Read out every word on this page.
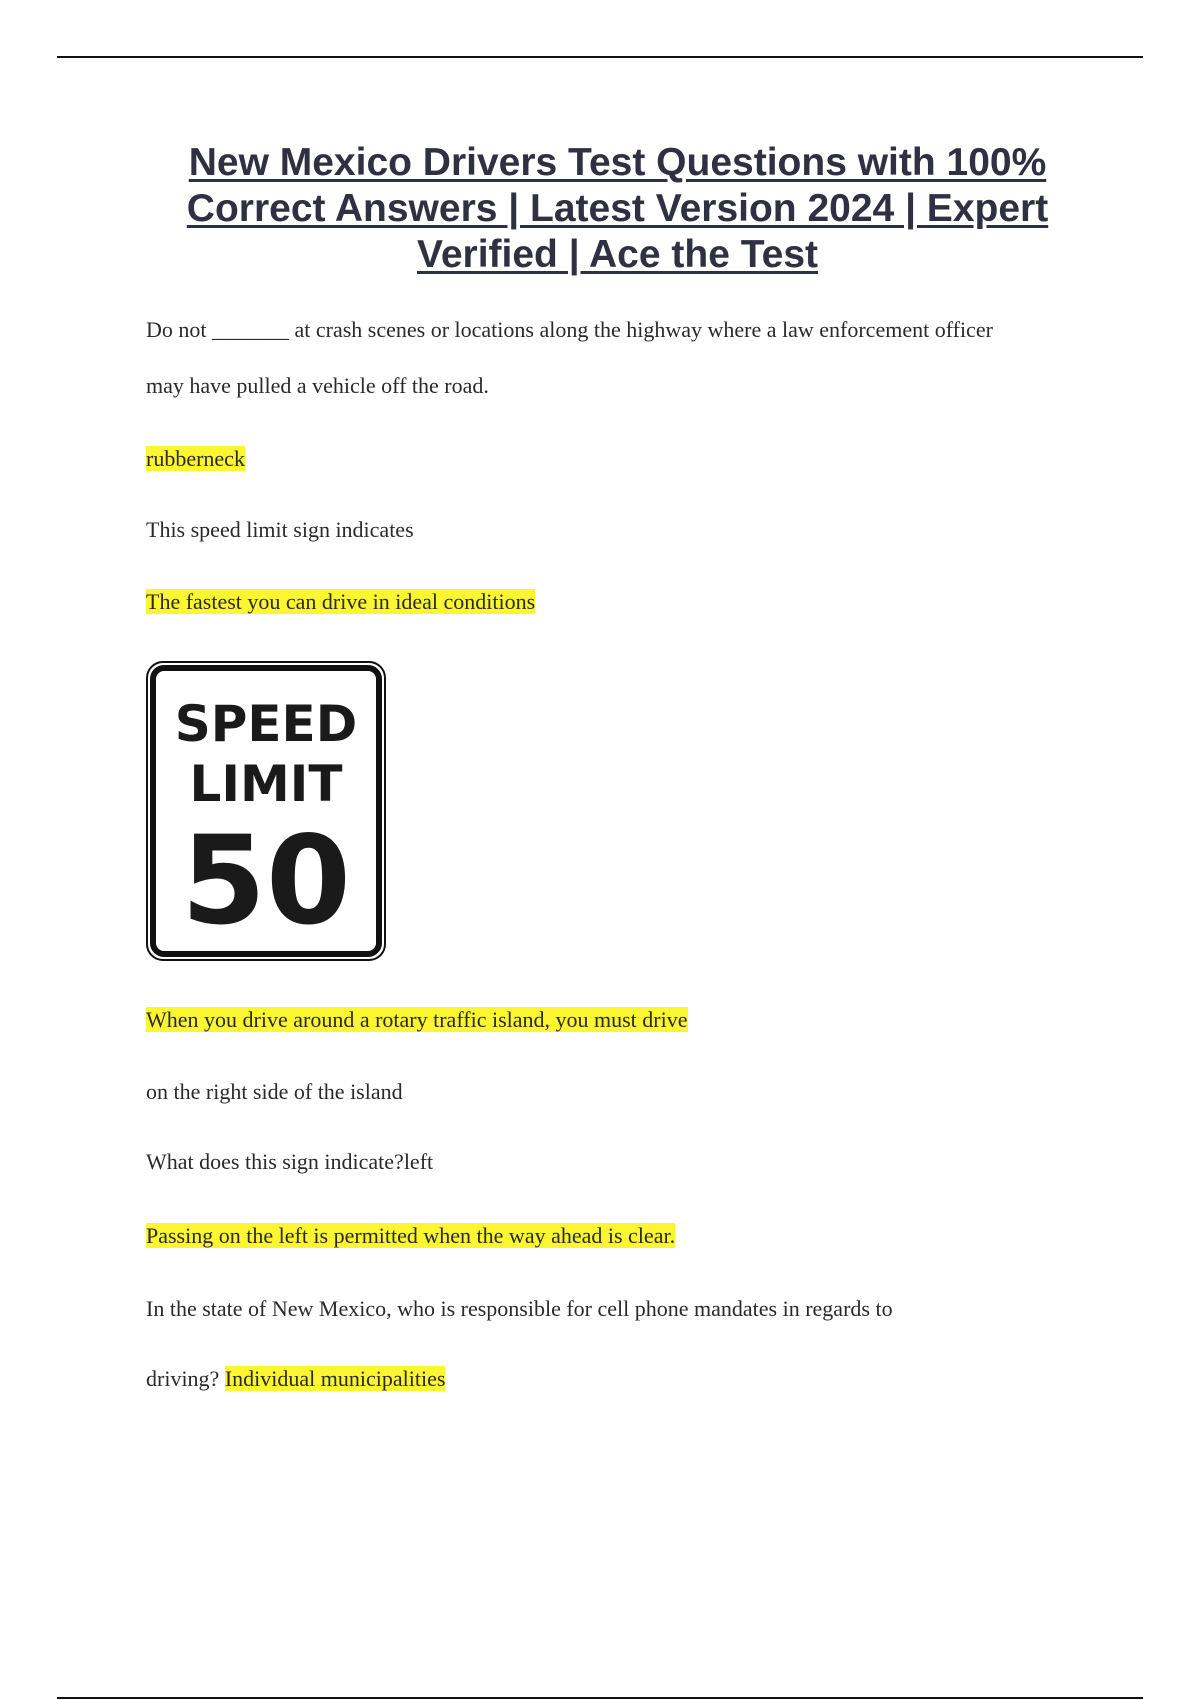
New Mexico Drivers Test Questions with 100% Correct Answers | Latest Version 2024 | Expert Verified | Ace the Test
Do not _______ at crash scenes or locations along the highway where a law enforcement officer
may have pulled a vehicle off the road.
rubberneck
This speed limit sign indicates
The fastest you can drive in ideal conditions
SPEED
LIMIT
50
When you drive around a rotary traffic island, you must drive
on the right side of the island
What does this sign indicate?left
Passing on the left is permitted when the way ahead is clear.
In the state of New Mexico, who is responsible for cell phone mandates in regards to
driving? Individual municipalities
